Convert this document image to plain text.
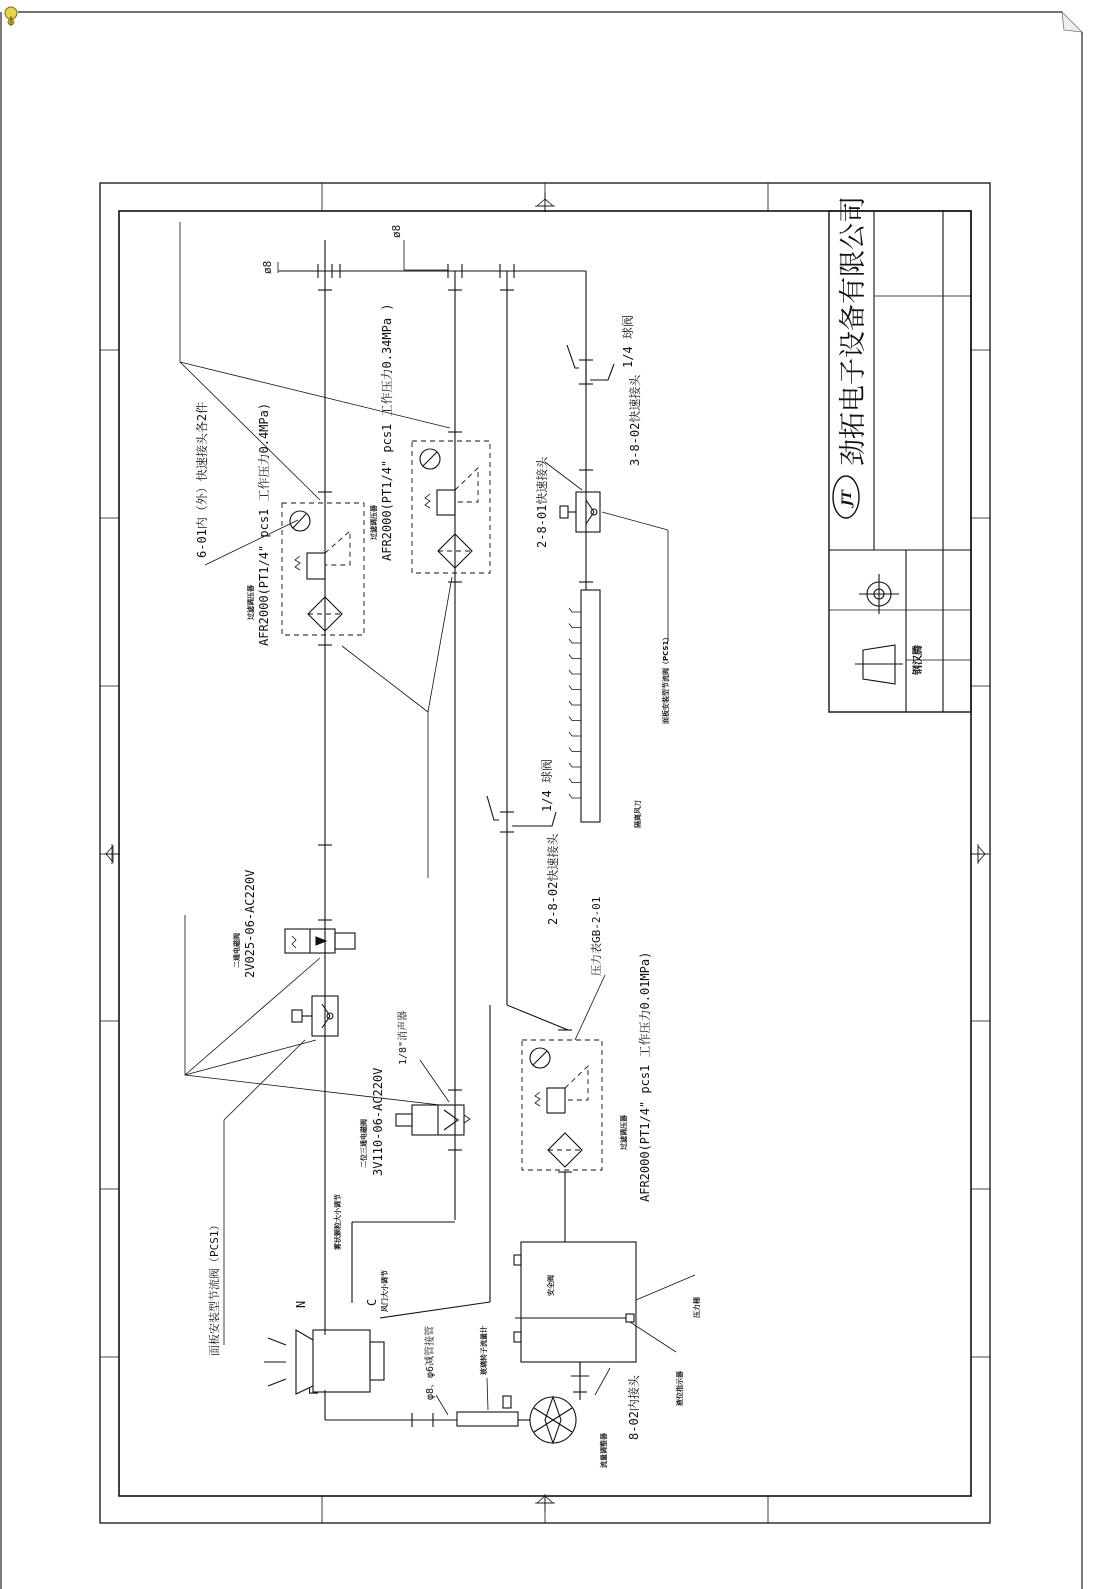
JT
劲拓电子设备有限公司
钢汉腾
ø8
ø8
6-01内（外）快速接头各2件
过滤调压器 AFR2000(PT1/4" pcs1 工作压力0.4MPa)	过滤调压器 AFR2000(PT1/4" pcs1 工作压力0.34MPa )	1/4 球阀
3-8-02快速接头
2-8-01快速接头
面板安装型节流阀（PCS1）
1/4 球阀
2-8-02快速接头
隔离风刀
二通电磁阀 2V025-06-AC220V	压力表GB-2-01
过滤调压器 AFR2000(PT1/4" pcs1 工作压力0.01MPa)
1/8"消声器
二位三通电磁阀 3V110-06-AC220V
面板安装型节流阀（PCS1）	雾状颗粒大小调节
N	C 风门大小调节
F	φ8、φ6减管接管	玻璃转子流量计
安全阀
压力桶
液位指示器
流量调整器
8-02内接头
